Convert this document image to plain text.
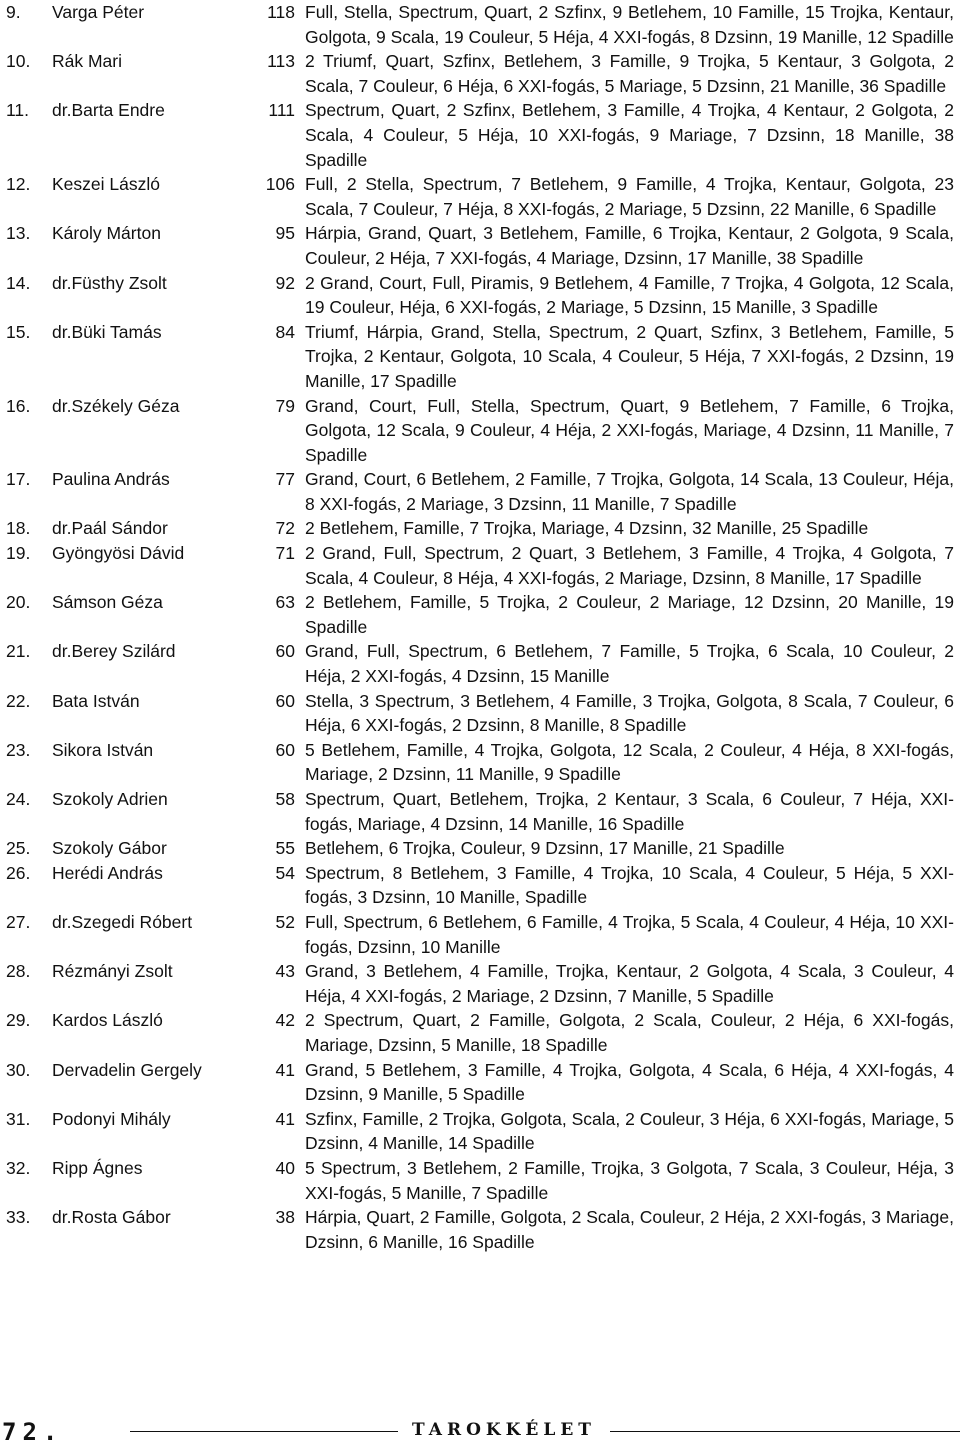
9.	Varga Péter	118 Full, Stella, Spectrum, Quart, 2 Szfinx, 9 Betlehem, 10 Famille, 15 Trojka, Kentaur, Golgota, 9 Scala, 19 Couleur, 5 Héja, 4 XXI-fogás, 8 Dzsinn, 19 Manille, 12 Spadille
10.	Rák Mari	113 2 Triumf, Quart, Szfinx, Betlehem, 3 Famille, 9 Trojka, 5 Kentaur, 3 Golgota, 2 Scala, 7 Couleur, 6 Héja, 6 XXI-fogás, 5 Mariage, 5 Dzsinn, 21 Manille, 36 Spadille
11.	dr.Barta Endre	111 Spectrum, Quart, 2 Szfinx, Betlehem, 3 Famille, 4 Trojka, 4 Kentaur, 2 Golgota, 2 Scala, 4 Couleur, 5 Héja, 10 XXI-fogás, 9 Mariage, 7 Dzsinn, 18 Manille, 38 Spadille
12.	Keszei László	106 Full, 2 Stella, Spectrum, 7 Betlehem, 9 Famille, 4 Trojka, Kentaur, Golgota, 23 Scala, 7 Couleur, 7 Héja, 8 XXI-fogás, 2 Mariage, 5 Dzsinn, 22 Manille, 6 Spadille
13.	Károly Márton	95 Hárpia, Grand, Quart, 3 Betlehem, Famille, 6 Trojka, Kentaur, 2 Golgota, 9 Scala, Couleur, 2 Héja, 7 XXI-fogás, 4 Mariage, Dzsinn, 17 Manille, 38 Spadille
14.	dr.Füsthy Zsolt	92 2 Grand, Court, Full, Piramis, 9 Betlehem, 4 Famille, 7 Trojka, 4 Golgota, 12 Scala, 19 Couleur, Héja, 6 XXI-fogás, 2 Mariage, 5 Dzsinn, 15 Manille, 3 Spadille
15.	dr.Büki Tamás	84 Triumf, Hárpia, Grand, Stella, Spectrum, 2 Quart, Szfinx, 3 Betlehem, Famille, 5 Trojka, 2 Kentaur, Golgota, 10 Scala, 4 Couleur, 5 Héja, 7 XXI-fogás, 2 Dzsinn, 19 Manille, 17 Spadille
16.	dr.Székely Géza	79 Grand, Court, Full, Stella, Spectrum, Quart, 9 Betlehem, 7 Famille, 6 Trojka, Golgota, 12 Scala, 9 Couleur, 4 Héja, 2 XXI-fogás, Mariage, 4 Dzsinn, 11 Manille, 7 Spadille
17.	Paulina András	77 Grand, Court, 6 Betlehem, 2 Famille, 7 Trojka, Golgota, 14 Scala, 13 Couleur, Héja, 8 XXI-fogás, 2 Mariage, 3 Dzsinn, 11 Manille, 7 Spadille
18.	dr.Paál Sándor	72 2 Betlehem, Famille, 7 Trojka, Mariage, 4 Dzsinn, 32 Manille, 25 Spadille
19.	Gyöngyösi Dávid	71 2 Grand, Full, Spectrum, 2 Quart, 3 Betlehem, 3 Famille, 4 Trojka, 4 Golgota, 7 Scala, 4 Couleur, 8 Héja, 4 XXI-fogás, 2 Mariage, Dzsinn, 8 Manille, 17 Spadille
20.	Sámson Géza	63 2 Betlehem, Famille, 5 Trojka, 2 Couleur, 2 Mariage, 12 Dzsinn, 20 Manille, 19 Spadille
21.	dr.Berey Szilárd	60 Grand, Full, Spectrum, 6 Betlehem, 7 Famille, 5 Trojka, 6 Scala, 10 Couleur, 2 Héja, 2 XXI-fogás, 4 Dzsinn, 15 Manille
22.	Bata István	60 Stella, 3 Spectrum, 3 Betlehem, 4 Famille, 3 Trojka, Golgota, 8 Scala, 7 Couleur, 6 Héja, 6 XXI-fogás, 2 Dzsinn, 8 Manille, 8 Spadille
23.	Sikora István	60 5 Betlehem, Famille, 4 Trojka, Golgota, 12 Scala, 2 Couleur, 4 Héja, 8 XXI-fogás, Mariage, 2 Dzsinn, 11 Manille, 9 Spadille
24.	Szokoly Adrien	58 Spectrum, Quart, Betlehem, Trojka, 2 Kentaur, 3 Scala, 6 Couleur, 7 Héja, XXI-fogás, Mariage, 4 Dzsinn, 14 Manille, 16 Spadille
25.	Szokoly Gábor	55 Betlehem, 6 Trojka, Couleur, 9 Dzsinn, 17 Manille, 21 Spadille
26.	Herédi András	54 Spectrum, 8 Betlehem, 3 Famille, 4 Trojka, 10 Scala, 4 Couleur, 5 Héja, 5 XXI-fogás, 3 Dzsinn, 10 Manille, Spadille
27.	dr.Szegedi Róbert	52 Full, Spectrum, 6 Betlehem, 6 Famille, 4 Trojka, 5 Scala, 4 Couleur, 4 Héja, 10 XXI-fogás, Dzsinn, 10 Manille
28.	Rézmányi Zsolt	43 Grand, 3 Betlehem, 4 Famille, Trojka, Kentaur, 2 Golgota, 4 Scala, 3 Couleur, 4 Héja, 4 XXI-fogás, 2 Mariage, 2 Dzsinn, 7 Manille, 5 Spadille
29.	Kardos László	42 2 Spectrum, Quart, 2 Famille, Golgota, 2 Scala, Couleur, 2 Héja, 6 XXI-fogás, Mariage, Dzsinn, 5 Manille, 18 Spadille
30.	Dervadelin Gergely	41 Grand, 5 Betlehem, 3 Famille, 4 Trojka, Golgota, 4 Scala, 6 Héja, 4 XXI-fogás, 4 Dzsinn, 9 Manille, 5 Spadille
31.	Podonyi Mihály	41 Szfinx, Famille, 2 Trojka, Golgota, Scala, 2 Couleur, 3 Héja, 6 XXI-fogás, Mariage, 5 Dzsinn, 4 Manille, 14 Spadille
32.	Ripp Ágnes	40 5 Spectrum, 3 Betlehem, 2 Famille, Trojka, 3 Golgota, 7 Scala, 3 Couleur, Héja, 3 XXI-fogás, 5 Manille, 7 Spadille
33.	dr.Rosta Gábor	38 Hárpia, Quart, 2 Famille, Golgota, 2 Scala, Couleur, 2 Héja, 2 XXI-fogás, 3 Mariage, Dzsinn, 6 Manille, 16 Spadille
72.	TAROKKÉLET
